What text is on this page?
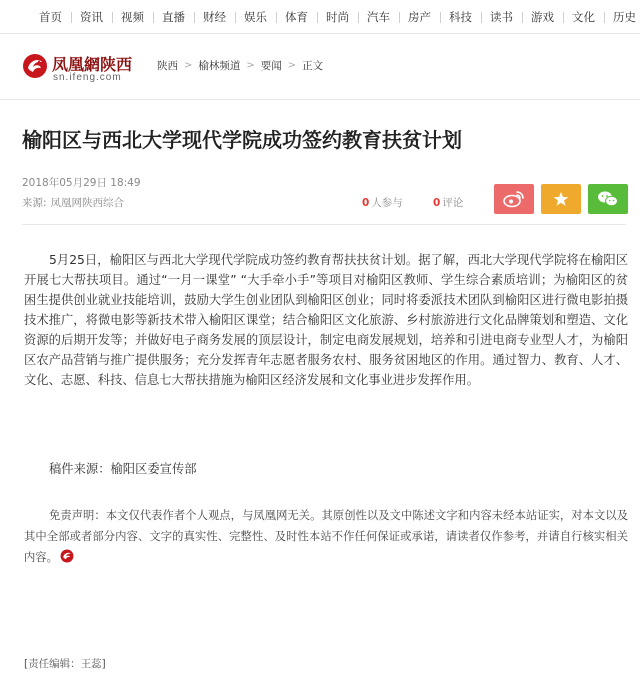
首页	资讯	视频	直播	财经	娱乐	体育	时尚	汽车	房产	科技	读书	游戏	文化	历史
凤凰網陕西
sn.ifeng.com
陕西 > 榆林频道 > 要闻 > 正文
榆阳区与西北大学现代学院成功签约教育扶贫计划
2018年05月29日 18:49
来源: 凤凰网陕西综合	0 人参与	0 评论

5月25日，榆阳区与西北大学现代学院成功签约教育帮扶扶贫计划。据了解，西北大学现代学院将在榆阳区开展七大帮扶项目。通过“一月一课堂” “大手牵小手”等项目对榆阳区教师、学生综合素质培训；为榆阳区的贫困生提供创业就业技能培训，鼓励大学生创业团队到榆阳区创业；同时将委派技术团队到榆阳区进行微电影拍摄技术推广，将微电影等新技术带入榆阳区课堂；结合榆阳区文化旅游、乡村旅游进行文化品牌策划和塑造、文化资源的后期开发等；并做好电子商务发展的顶层设计，制定电商发展规划，培养和引进电商专业型人才，为榆阳区农产品营销与推广提供服务；充分发挥青年志愿者服务农村、服务贫困地区的作用。通过智力、教育、人才、文化、志愿、科技、信息七大帮扶措施为榆阳区经济发展和文化事业进步发挥作用。

稿件来源：榆阳区委宣传部

免责声明：本文仅代表作者个人观点，与凤凰网无关。其原创性以及文中陈述文字和内容未经本站证实，对本文以及其中全部或者部分内容、文字的真实性、完整性、及时性本站不作任何保证或承诺，请读者仅作参考，并请自行核实相关内容。

[责任编辑：王蕊]
